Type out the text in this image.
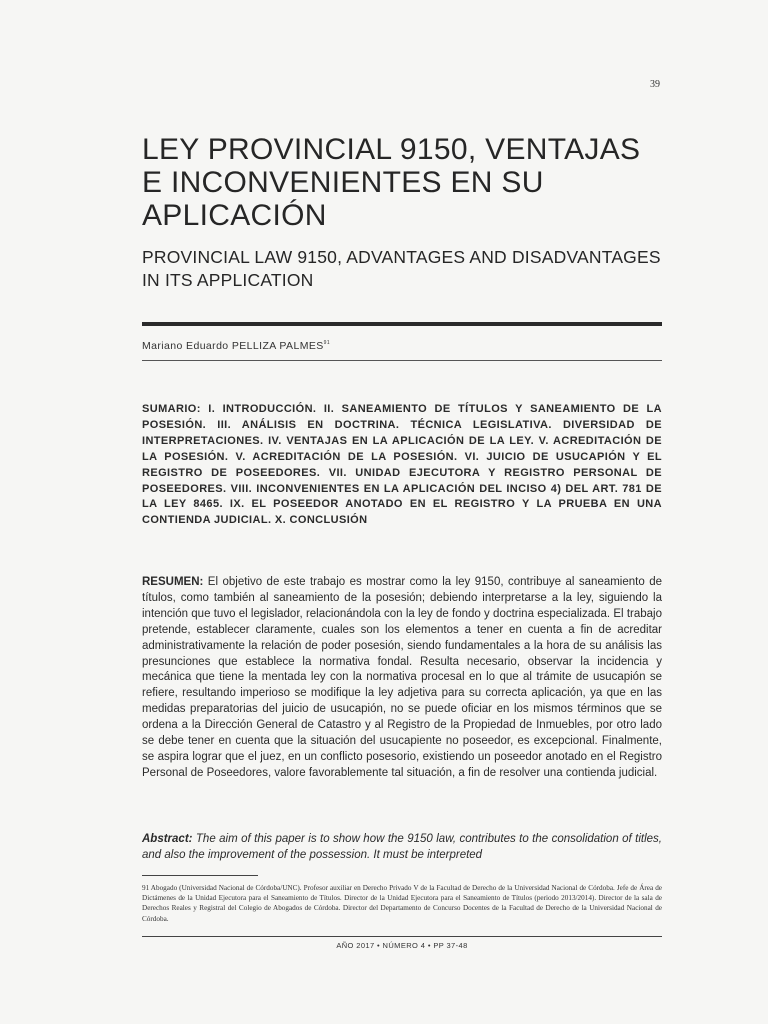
39
LEY PROVINCIAL 9150, VENTAJAS E INCONVENIENTES EN SU APLICACIÓN
PROVINCIAL LAW 9150, ADVANTAGES AND DISADVANTAGES IN ITS APPLICATION
Mariano Eduardo PELLIZA PALMES$^{91}$

SUMARIO: I. INTRODUCCIÓN. II. SANEAMIENTO DE TÍTULOS Y SANEAMIENTO DE LA POSESIÓN. III. ANÁLISIS EN DOCTRINA. TÉCNICA LEGISLATIVA. DIVERSIDAD DE INTERPRETACIONES. IV. VENTAJAS EN LA APLICACIÓN DE LA LEY. V. ACREDITACIÓN DE LA POSESIÓN. V. ACREDITACIÓN DE LA POSESIÓN. VI. JUICIO DE USUCAPIÓN Y EL REGISTRO DE POSEEDORES. VII. UNIDAD EJECUTORA Y REGISTRO PERSONAL DE POSEEDORES. VIII. INCONVENIENTES EN LA APLICACIÓN DEL INCISO 4) DEL ART. 781 DE LA LEY 8465. IX. EL POSEEDOR ANOTADO EN EL REGISTRO Y LA PRUEBA EN UNA CONTIENDA JUDICIAL. X. CONCLUSIÓN

RESUMEN: El objetivo de este trabajo es mostrar como la ley 9150, contribuye al saneamiento de títulos, como también al saneamiento de la posesión; debiendo interpretarse a la ley, siguiendo la intención que tuvo el legislador, relacionándola con la ley de fondo y doctrina especializada. El trabajo pretende, establecer claramente, cuales son los elementos a tener en cuenta a fin de acreditar administrativamente la relación de poder posesión, siendo fundamentales a la hora de su análisis las presunciones que establece la normativa fondal. Resulta necesario, observar la incidencia y mecánica que tiene la mentada ley con la normativa procesal en lo que al trámite de usucapión se refiere, resultando imperioso se modifique la ley adjetiva para su correcta aplicación, ya que en las medidas preparatorias del juicio de usucapión, no se puede oficiar en los mismos términos que se ordena a la Dirección General de Catastro y al Registro de la Propiedad de Inmuebles, por otro lado se debe tener en cuenta que la situación del usucapiente no poseedor, es excepcional. Finalmente, se aspira lograr que el juez, en un conflicto posesorio, existiendo un poseedor anotado en el Registro Personal de Poseedores, valore favorablemente tal situación, a fin de resolver una contienda judicial.

Abstract: The aim of this paper is to show how the 9150 law, contributes to the consolidation of titles, and also the improvement of the possession. It must be interpreted

91 Abogado (Universidad Nacional de Córdoba/UNC). Profesor auxiliar en Derecho Privado V de la Facultad de Derecho de la Universidad Nacional de Córdoba. Jefe de Área de Dictámenes de la Unidad Ejecutora para el Saneamiento de Títulos. Director de la Unidad Ejecutora para el Saneamiento de Títulos (periodo 2013/2014). Director de la sala de Derechos Reales y Registral del Colegio de Abogados de Córdoba. Director del Departamento de Concurso Docentes de la Facultad de Derecho de la Universidad Nacional de Córdoba.

AÑO 2017 • NÚMERO 4 • PP 37-48
